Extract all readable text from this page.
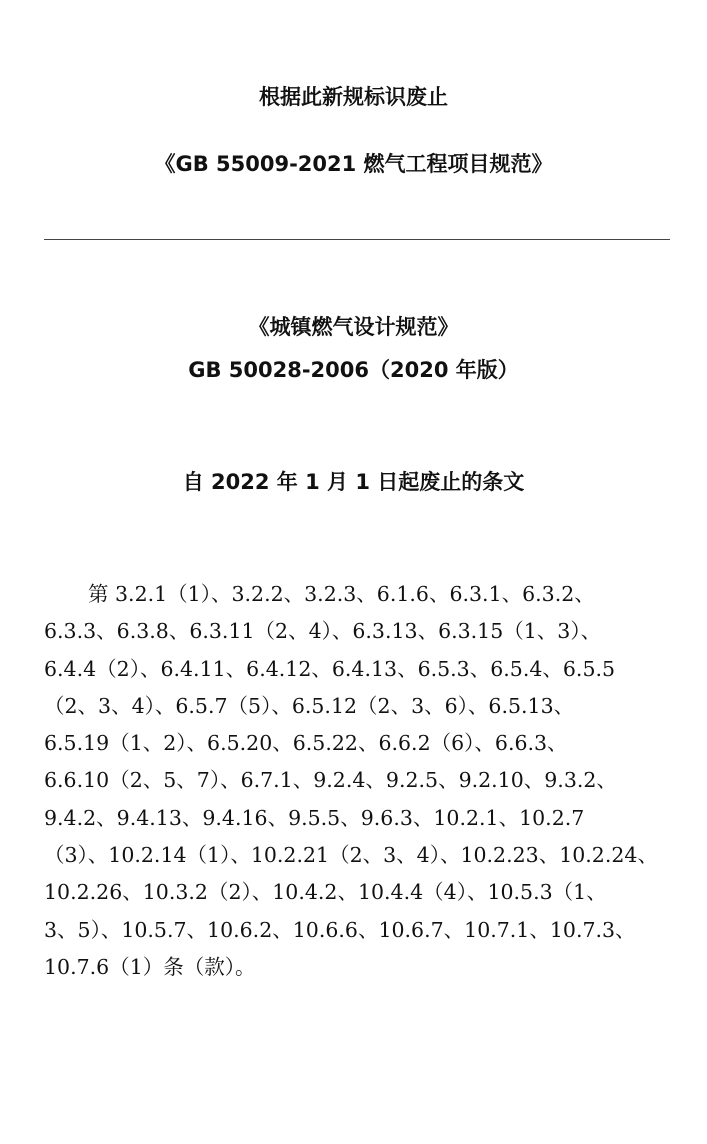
根据此新规标识废止
《GB 55009-2021 燃气工程项目规范》
《城镇燃气设计规范》
GB 50028-2006（2020 年版）
自 2022 年 1 月 1 日起废止的条文
第 3.2.1（1）、3.2.2、3.2.3、6.1.6、6.3.1、6.3.2、
6.3.3、6.3.8、6.3.11（2、4）、6.3.13、6.3.15（1、3）、
6.4.4（2）、6.4.11、6.4.12、6.4.13、6.5.3、6.5.4、6.5.5
（2、3、4）、6.5.7（5）、6.5.12（2、3、6）、6.5.13、
6.5.19（1、2）、6.5.20、6.5.22、6.6.2（6）、6.6.3、
6.6.10（2、5、7）、6.7.1、9.2.4、9.2.5、9.2.10、9.3.2、
9.4.2、9.4.13、9.4.16、9.5.5、9.6.3、10.2.1、10.2.7
（3）、10.2.14（1）、10.2.21（2、3、4）、10.2.23、10.2.24、
10.2.26、10.3.2（2）、10.4.2、10.4.4（4）、10.5.3（1、
3、5）、10.5.7、10.6.2、10.6.6、10.6.7、10.7.1、10.7.3、
10.7.6（1）条（款）。
